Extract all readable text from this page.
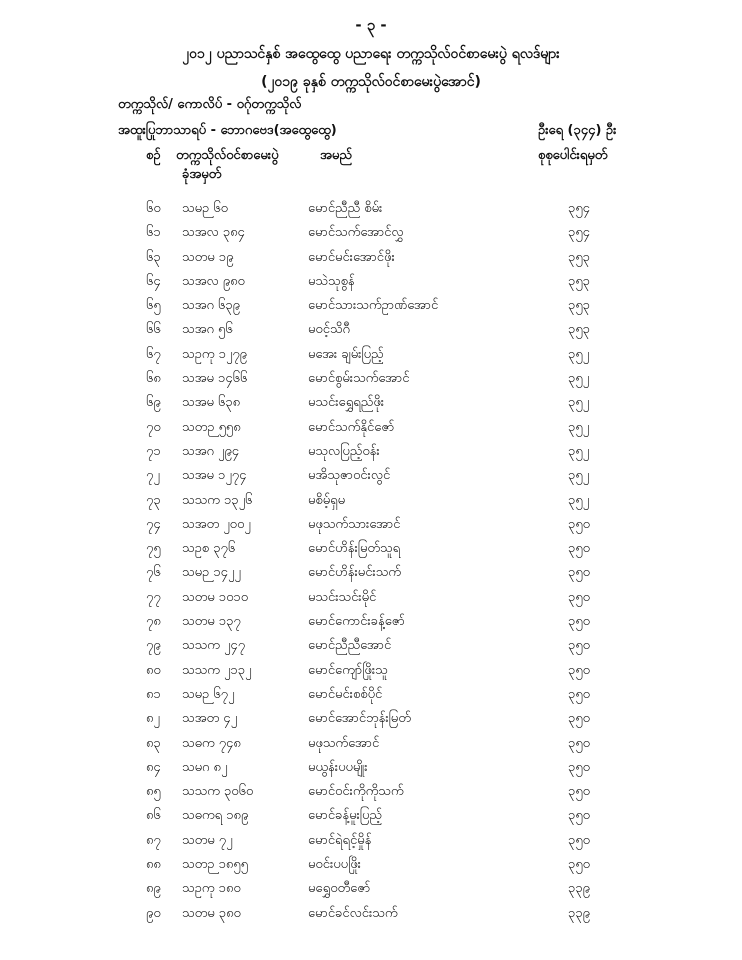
- ၃ -
၂၀၁၂ ပညာသင်နှစ် အထွေထွေ ပညာရေး တက္ကသိုလ်ဝင်စာမေးပွဲ ရလဒ်များ
(၂၀၁၉ ခုနှစ် တက္ကသိုလ်ဝင်စာမေးပွဲအောင်)
တက္ကသိုလ်/ ကောလိပ် - ဝဂ်ုတက္ကသိုလ်
အထူးပြုဘာသာရပ် - ဘောဂဗေဒ(အထွေထွေ)	ဦးရေ (၃၄၄) ဦး
စဉ် တက္ကသိုလ်ဝင်စာမေးပွဲ
ခုံအမှတ်
အမည်	စုစုပေါင်းရမှတ်
၆၀ သမဉ ၆၀	မောင်ညီညီ စိမ်း	၃၅၄
၆၁ သအလ ၃၈၄	မောင်သက်အောင်လွှ	၃၅၄
၆၃ သတမ ၁၉	မောင်မင်းအောင်ဖိုး	၃၅၃
၆၄ သအလ ၉၈၀	မသဲသုစွန်	၃၅၃
၆၅ သအဂ ၆၃၉	မောင်သားသက်ဥာဏ်အောင်	၃၅၃
၆၆ သအဂ ၅၆	မဝင့်သိဂီ	၃၅၃
၆၇ သဥကု ၁၂၇၉	မအေး ချမ်းပြည့်	၃၅၂
၆၈ သအမ ၁၄၆၆	မောင်စွမ်းသက်အောင်	၃၅၂
၆၉ သအမ ၆၃၈	မသင်းရွှေရည်ဖိုး	၃၅၂
၇၀ သတဉ ၅၅၈	မောင်သက်နိုင်ဇော်	၃၅၂
၇၁ သအဂ ၂၉၄	မသုလပြည့်ဝန်း	၃၅၂
၇၂ သအမ ၁၂၇၄	မအိသုဇာဝင်းလွင်	၃၅၂
၇၃ သသက ၁၃၂၆	မစိမ့်ရှမ	၃၅၂
၇၄ သအတ ၂၀၀၂	မဖုသက်သားအောင်	၃၅၀
၇၅ သဥစ ၃၇၆	မောင်ဟိန်းမြတ်သူရ	၃၅၀
၇၆ သမဉ ၁၄၂၂	မောင်ဟိန်းမင်းသက်	၃၅၀
၇၇ သတမ ၁၀၁၀	မသင်းသင်းမိုင်	၃၅၀
၇၈ သတမ ၁၃၇	မောင်ကောင်းခန့်ဇော်	၃၅၀
၇၉ သသက ၂၄၇	မောင်ညီညီအောင်	၃၅၀
၈၀ သသက ၂၁၃၂	မောင်ကျော်ဖြိုးသူ	၃၅၀
၈၁ သမဉ ၆၇၂	မောင်မင်းစစ်ပိုင်	၃၅၀
၈၂ သအတ ၄၂	မောင်အောင်ဘုန်းမြတ်	၃၅၀
၈၃ သဓက ၇၄၈	မဖုသက်အောင်	၃၅၀
၈၄ သမဂ ၈၂	မယွန်းပပမျိုး	၃၅၀
၈၅ သသက ၃၀၆၀	မောင်ဝင်းကိုကိုသက်	၃၅၀
၈၆ သဓကရ ၁၈၉	မောင်ခန့်မူးပြည့်	၃၅၀
၈၇ သတမ ၇၂	မောင်ရဲရင့်မှိုန်	၃၅၀
၈၈ သတဉ ၁၈၅၅	မဝင်းပပဖြိုး	၃၅၀
၈၉ သဥကု ၁၈၀	မရွှေဝတီဇော်	၃၃၉
၉၀ သတမ ၃၈၀	မောင်ခင်လင်းသက်	၃၃၉
